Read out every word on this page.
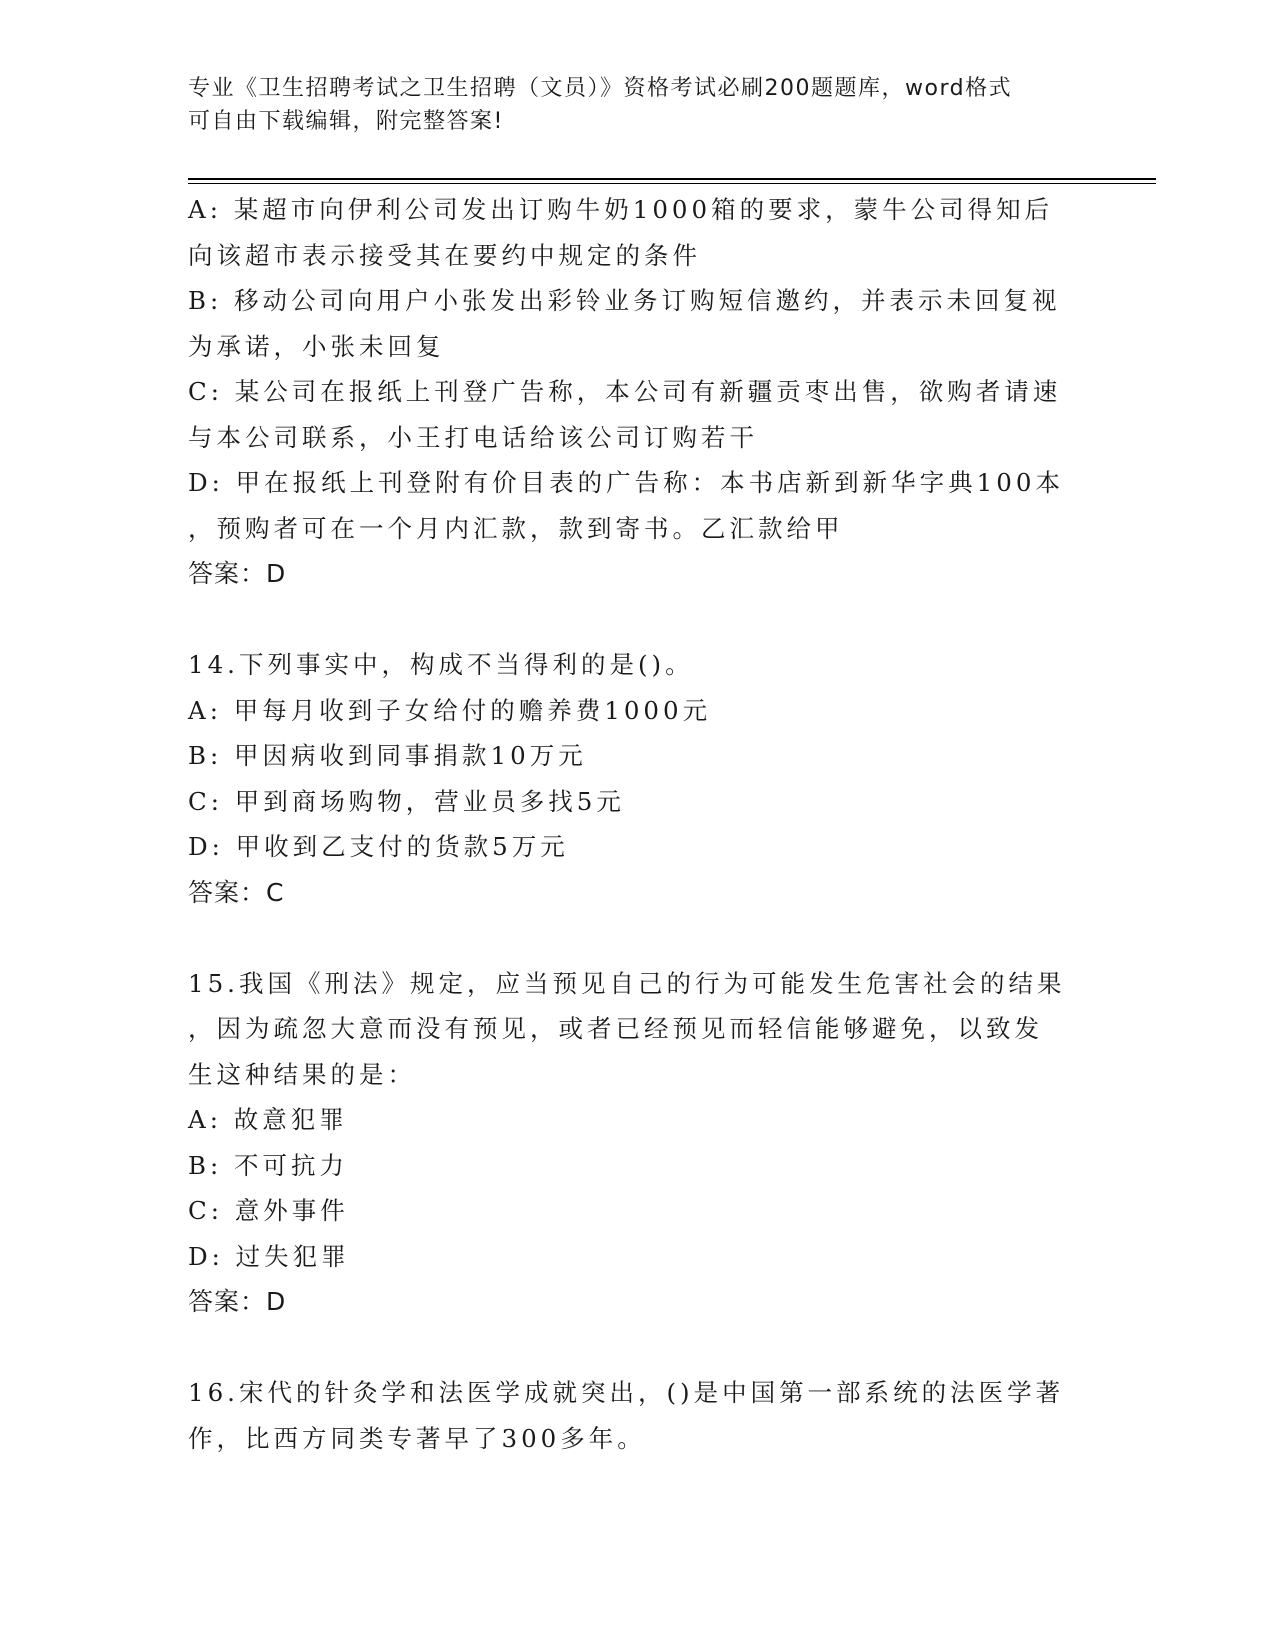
专业《卫生招聘考试之卫生招聘（文员）》资格考试必刷200题题库，word格式
可自由下载编辑，附完整答案!
A: 某超市向伊利公司发出订购牛奶1000箱的要求，蒙牛公司得知后
向该超市表示接受其在要约中规定的条件
B: 移动公司向用户小张发出彩铃业务订购短信邀约，并表示未回复视
为承诺，小张未回复
C: 某公司在报纸上刊登广告称，本公司有新疆贡枣出售，欲购者请速
与本公司联系，小王打电话给该公司订购若干
D: 甲在报纸上刊登附有价目表的广告称：本书店新到新华字典100本
，预购者可在一个月内汇款，款到寄书。乙汇款给甲
答案：D
14.下列事实中，构成不当得利的是()。
A: 甲每月收到子女给付的赡养费1000元
B: 甲因病收到同事捐款10万元
C: 甲到商场购物，营业员多找5元
D: 甲收到乙支付的货款5万元
答案：C
15.我国《刑法》规定，应当预见自己的行为可能发生危害社会的结果
，因为疏忽大意而没有预见，或者已经预见而轻信能够避免，以致发
生这种结果的是：
A: 故意犯罪
B: 不可抗力
C: 意外事件
D: 过失犯罪
答案：D
16.宋代的针灸学和法医学成就突出，()是中国第一部系统的法医学著
作，比西方同类专著早了300多年。
